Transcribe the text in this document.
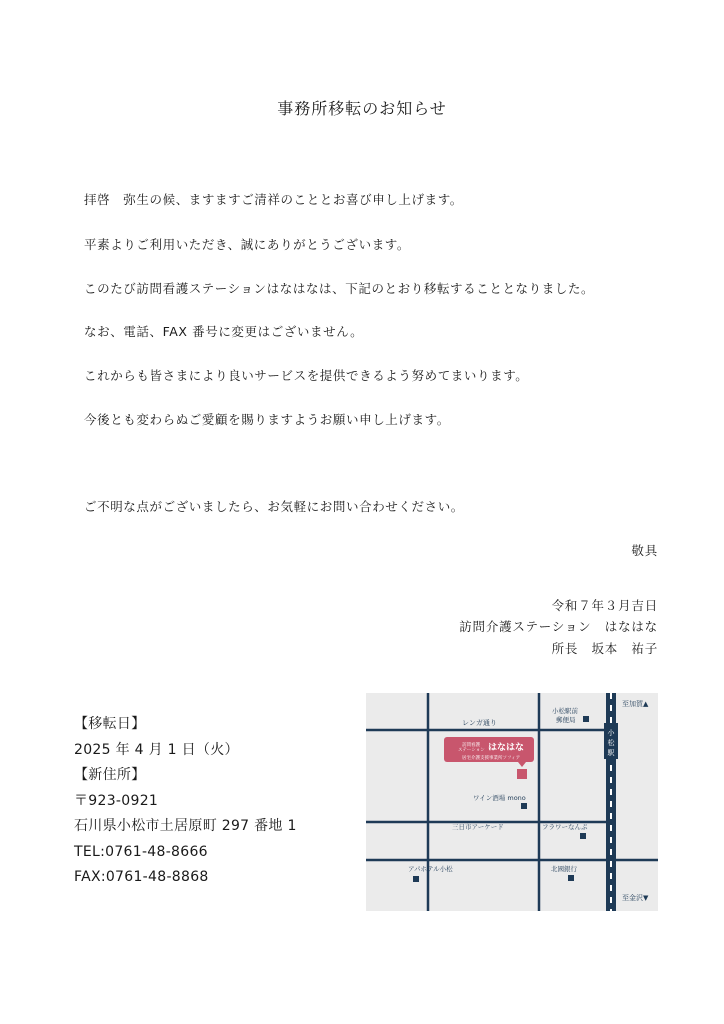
事務所移転のお知らせ
拝啓　弥生の候、ますますご清祥のこととお喜び申し上げます。
平素よりご利用いただき、誠にありがとうございます。
このたび訪問看護ステーションはなはなは、下記のとおり移転することとなりました。
なお、電話、FAX 番号に変更はございません。
これからも皆さまにより良いサービスを提供できるよう努めてまいります。
今後とも変わらぬご愛顧を賜りますようお願い申し上げます。
ご不明な点がございましたら、お気軽にお問い合わせください。
敬具
令和７年３月吉日
訪問介護ステーション　はなはな
所長　坂本　祐子
【移転日】
2025 年 4 月 1 日（火）
【新住所】
〒923-0921
石川県小松市土居原町 297 番地 1
TEL:0761-48-8666
FAX:0761-48-8868
小
松
駅
至加賀▲
至金沢▼
レンガ通り
三日市アーケード
小松駅前
郵便局
訪問看護
ステーション はなはな
居宅介護支援事業所ソフィア
ワイン酒場 mono
フラワーなんぷ
アパホテル小松	北國銀行
